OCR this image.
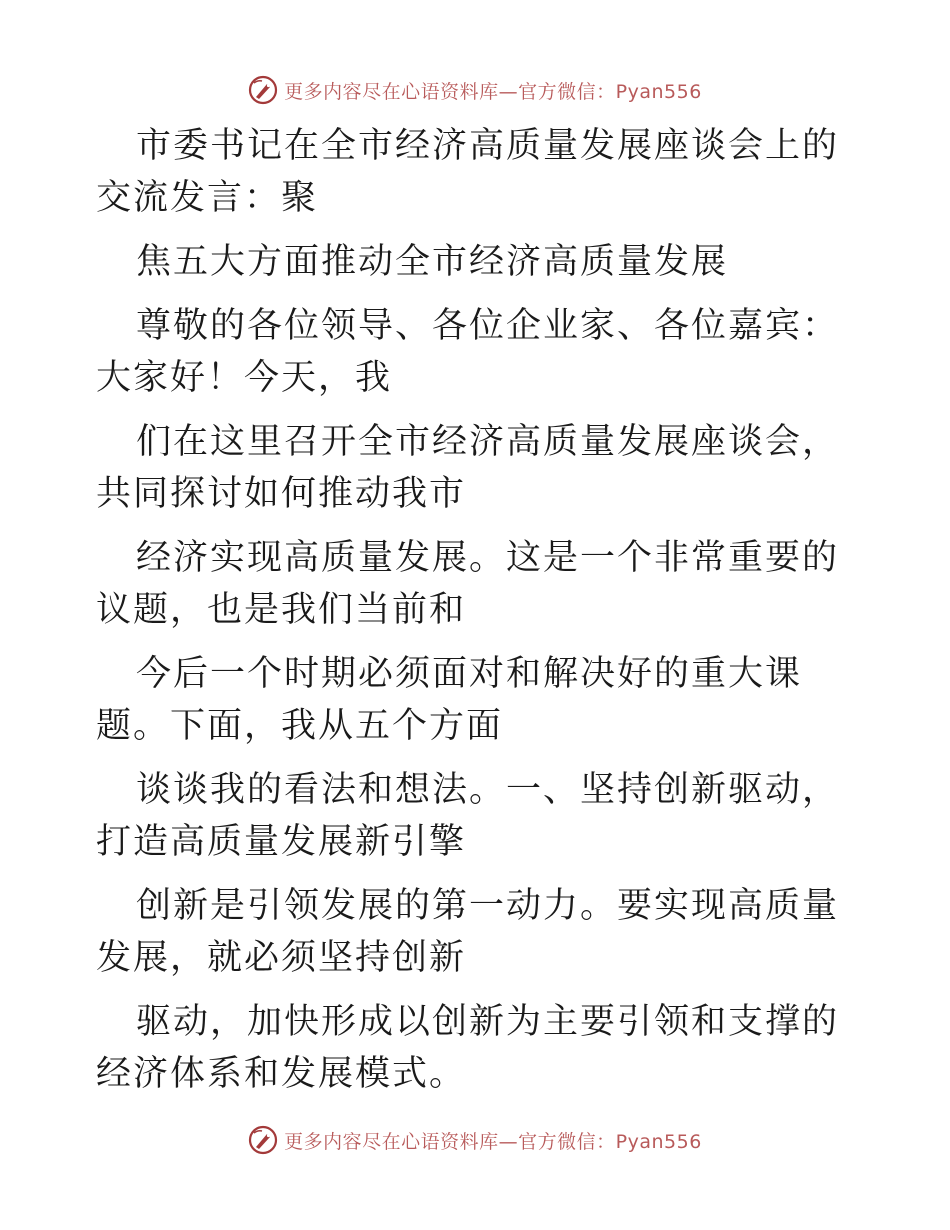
更多内容尽在心语资料库—官方微信：Pyan556

市委书记在全市经济高质量发展座谈会上的交流发言：聚

焦五大方面推动全市经济高质量发展

尊敬的各位领导、各位企业家、各位嘉宾：大家好！今天，我

们在这里召开全市经济高质量发展座谈会，共同探讨如何推动我市

经济实现高质量发展。这是一个非常重要的议题，也是我们当前和

今后一个时期必须面对和解决好的重大课题。下面，我从五个方面

谈谈我的看法和想法。一、坚持创新驱动，打造高质量发展新引擎

创新是引领发展的第一动力。要实现高质量发展，就必须坚持创新

驱动，加快形成以创新为主要引领和支撑的经济体系和发展模式。

更多内容尽在心语资料库—官方微信：Pyan556
